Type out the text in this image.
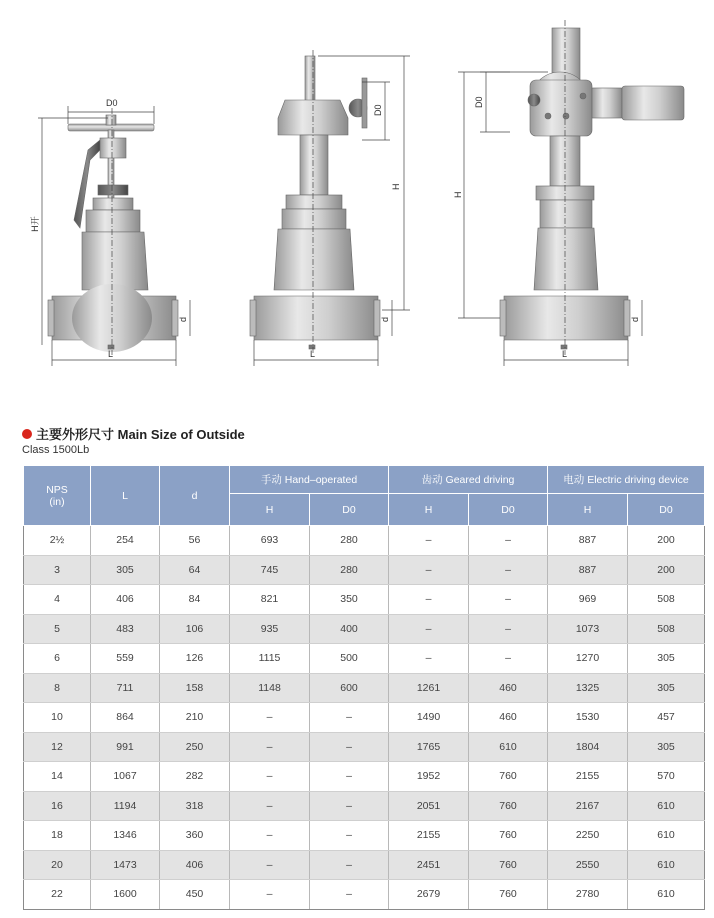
D0
L
d
H开
D0
H
L
d
D0
H
L
d
主要外形尺寸 Main Size of Outside
Class 1500Lb
NPS
(in)	L	d	手动 Hand–operated		齿动 Geared driving		电动 Electric driving device	
			H	D0	H	D0	H	D0
2½	254	56	693	280	–	–	887	200
3	305	64	745	280	–	–	887	200
4	406	84	821	350	–	–	969	508
5	483	106	935	400	–	–	1073	508
6	559	126	1115	500	–	–	1270	305
8	711	158	1148	600	1261	460	1325	305
10	864	210	–	–	1490	460	1530	457
12	991	250	–	–	1765	610	1804	305
14	1067	282	–	–	1952	760	2155	570
16	1194	318	–	–	2051	760	2167	610
18	1346	360	–	–	2155	760	2250	610
20	1473	406	–	–	2451	760	2550	610
22	1600	450	–	–	2679	760	2780	610
